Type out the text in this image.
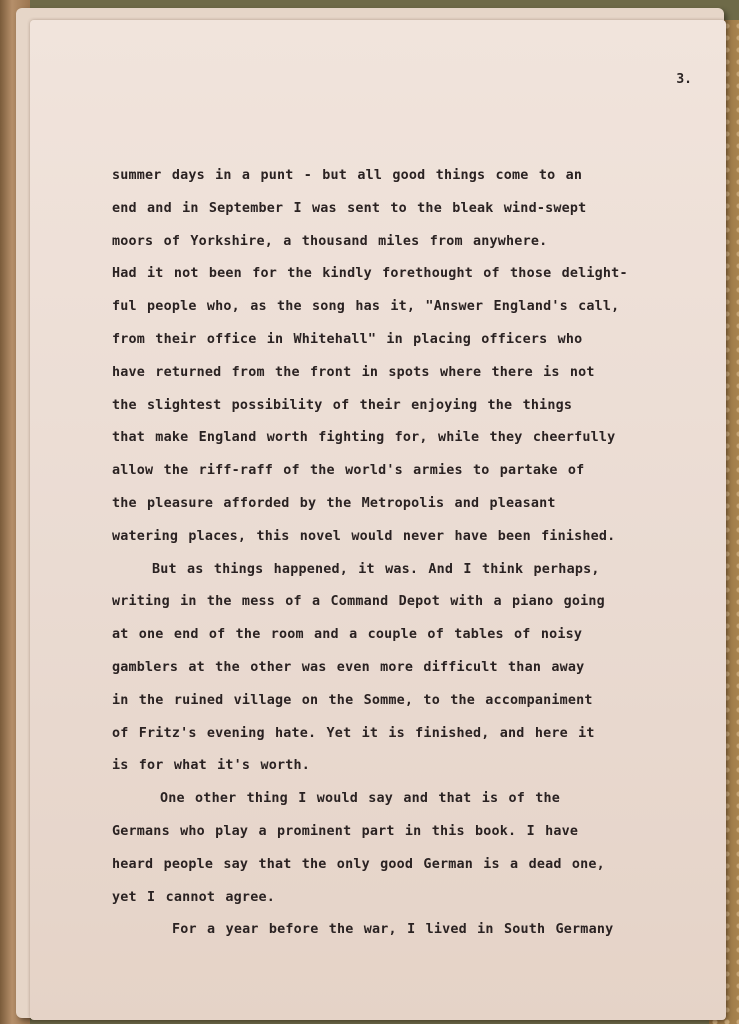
3.
summer days in a punt - but all good things come to an
end and in September I was sent to the bleak wind-swept
moors of Yorkshire, a thousand miles from anywhere.
Had it not been for the kindly forethought of those delight-
ful people who, as the song has it, "Answer England's call,
from their office in Whitehall" in placing officers who
have returned from the front in spots where there is not
the slightest possibility of their enjoying the things
that make England worth fighting for, while they cheerfully
allow the riff-raff of the world's armies to partake of
the pleasure afforded by the Metropolis and pleasant
watering places, this novel would never have been finished.
But as things happened, it was. And I think perhaps,
writing in the mess of a Command Depot with a piano going
at one end of the room and a couple of tables of noisy
gamblers at the other was even more difficult than away
in the ruined village on the Somme, to the accompaniment
of Fritz's evening hate. Yet it is finished, and here it
is for what it's worth.
One other thing I would say and that is of the
Germans who play a prominent part in this book. I have
heard people say that the only good German is a dead one,
yet I cannot agree.
For a year before the war, I lived in South Germany
